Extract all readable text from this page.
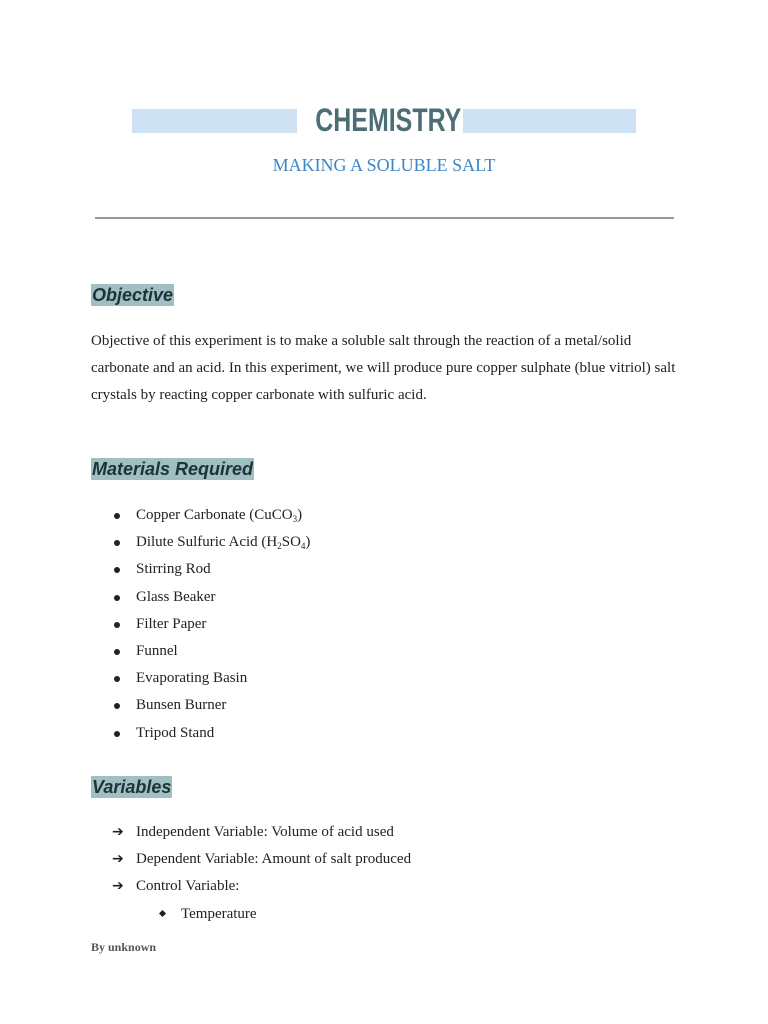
CHEMISTRY
MAKING A SOLUBLE SALT
Objective
Objective of this experiment is to make a soluble salt through the reaction of a metal/solid carbonate and an acid. In this experiment, we will produce pure copper sulphate (blue vitriol) salt crystals by reacting copper carbonate with sulfuric acid.
Materials Required
Copper Carbonate (CuCO$_3$)
Dilute Sulfuric Acid $(H_2SO_4)$
Stirring Rod
Glass Beaker
Filter Paper
Funnel
Evaporating Basin
Bunsen Burner
Tripod Stand
Variables
➔ Independent Variable: Volume of acid used
➔ Dependent Variable: Amount of salt produced
➔ Control Variable:
Temperature
By unknown
